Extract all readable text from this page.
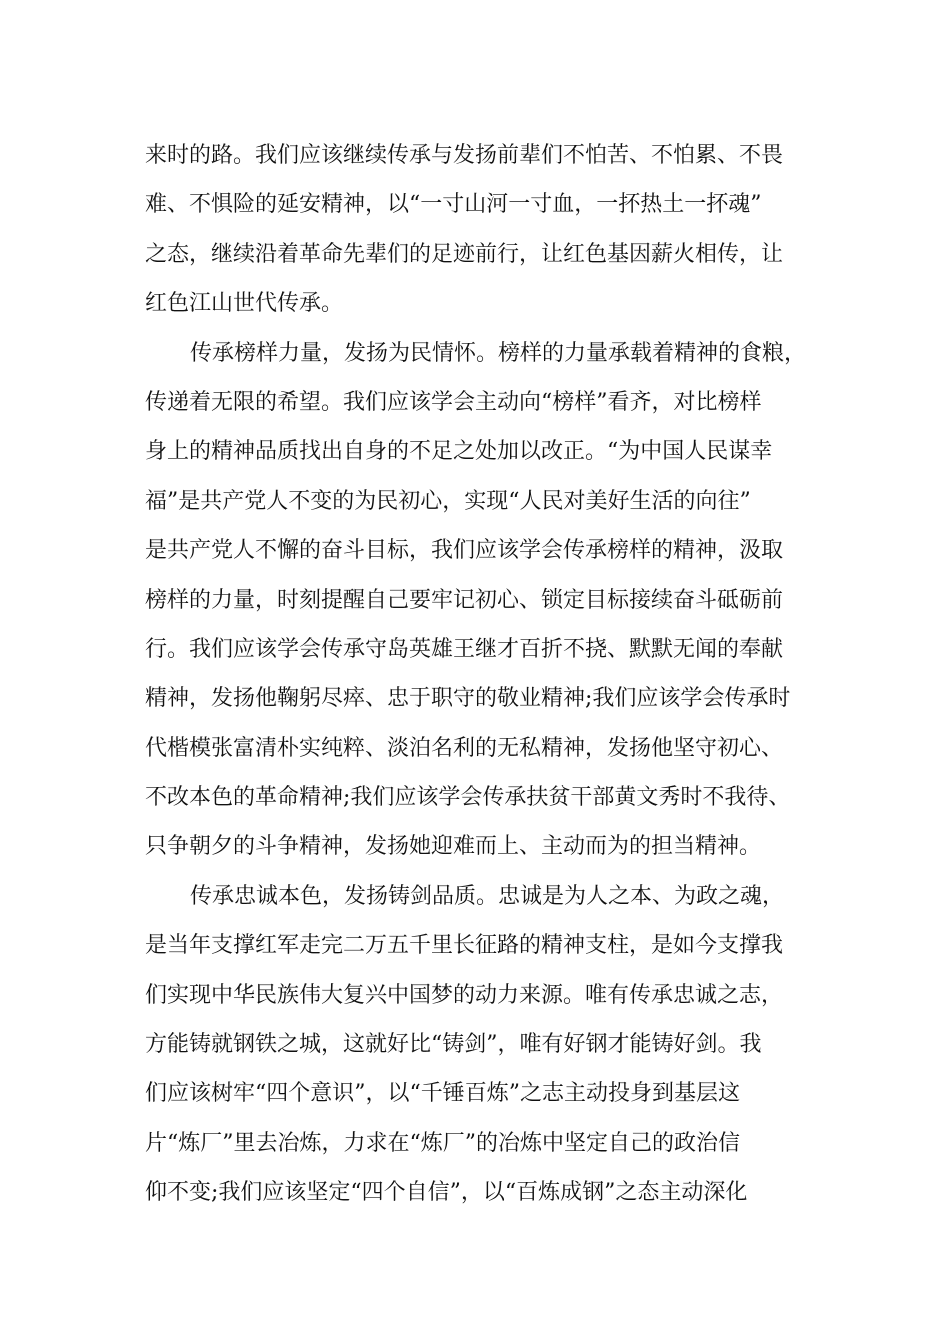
来时的路。我们应该继续传承与发扬前辈们不怕苦、不怕累、不畏
难、不惧险的延安精神，以“一寸山河一寸血，一抔热土一抔魂”
之态，继续沿着革命先辈们的足迹前行，让红色基因薪火相传，让
红色江山世代传承。
传承榜样力量，发扬为民情怀。榜样的力量承载着精神的食粮，
传递着无限的希望。我们应该学会主动向“榜样”看齐，对比榜样
身上的精神品质找出自身的不足之处加以改正。“为中国人民谋幸
福”是共产党人不变的为民初心，实现“人民对美好生活的向往”
是共产党人不懈的奋斗目标，我们应该学会传承榜样的精神，汲取
榜样的力量，时刻提醒自己要牢记初心、锁定目标接续奋斗砥砺前
行。我们应该学会传承守岛英雄王继才百折不挠、默默无闻的奉献
精神，发扬他鞠躬尽瘁、忠于职守的敬业精神;我们应该学会传承时
代楷模张富清朴实纯粹、淡泊名利的无私精神，发扬他坚守初心、
不改本色的革命精神;我们应该学会传承扶贫干部黄文秀时不我待、
只争朝夕的斗争精神，发扬她迎难而上、主动而为的担当精神。
传承忠诚本色，发扬铸剑品质。忠诚是为人之本、为政之魂，
是当年支撑红军走完二万五千里长征路的精神支柱，是如今支撑我
们实现中华民族伟大复兴中国梦的动力来源。唯有传承忠诚之志，
方能铸就钢铁之城，这就好比“铸剑”，唯有好钢才能铸好剑。我
们应该树牢“四个意识”，以“千锤百炼”之志主动投身到基层这
片“炼厂”里去冶炼，力求在“炼厂”的冶炼中坚定自己的政治信
仰不变;我们应该坚定“四个自信”，以“百炼成钢”之态主动深化
